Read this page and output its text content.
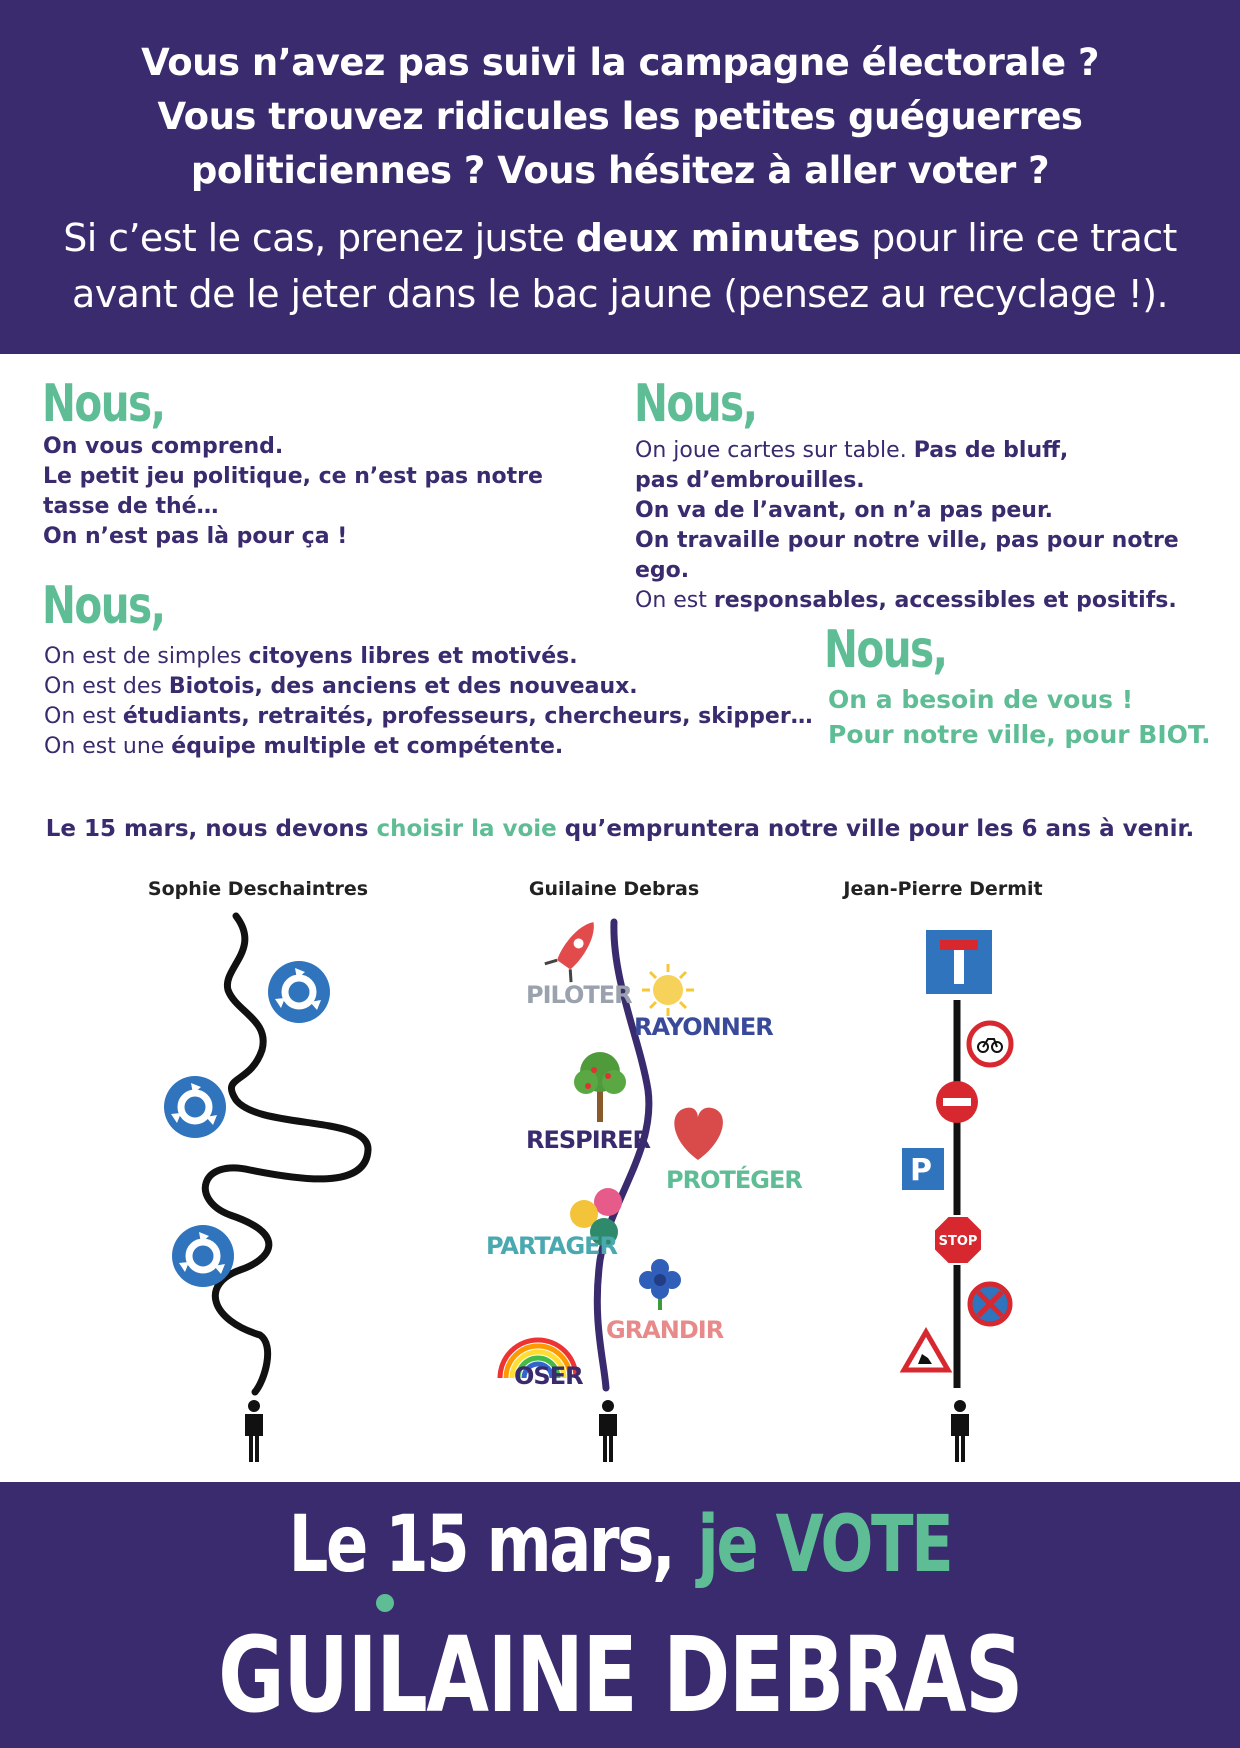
Vous n’avez pas suivi la campagne électorale ?
Vous trouvez ridicules les petites guéguerres
politiciennes ? Vous hésitez à aller voter ?
Si c’est le cas, prenez juste deux minutes pour lire ce tract
avant de le jeter dans le bac jaune (pensez au recyclage !).
Nous,
On vous comprend.
Le petit jeu politique, ce n’est pas notre
tasse de thé…
On n’est pas là pour ça !
Nous,
On joue cartes sur table. Pas de bluff,
pas d’embrouilles.
On va de l’avant, on n’a pas peur.
On travaille pour notre ville, pas pour notre ego.
On est responsables, accessibles et positifs.
Nous,
On est de simples citoyens libres et motivés.
On est des Biotois, des anciens et des nouveaux.
On est étudiants, retraités, professeurs, chercheurs, skipper…
On est une équipe multiple et compétente.
Nous,
On a besoin de vous !
Pour notre ville, pour BIOT.
Le 15 mars, nous devons choisir la voie qu’empruntera notre ville pour les 6 ans à venir.
Sophie Deschaintres	Guilaine Debras	Jean-Pierre Dermit
PILOTER
RAYONNER
RESPIRER
PROTÉGER
PARTAGER
GRANDIR
OSER
P
STOP
Le 15 mars, je VOTE
GUILAINE DEBRAS
